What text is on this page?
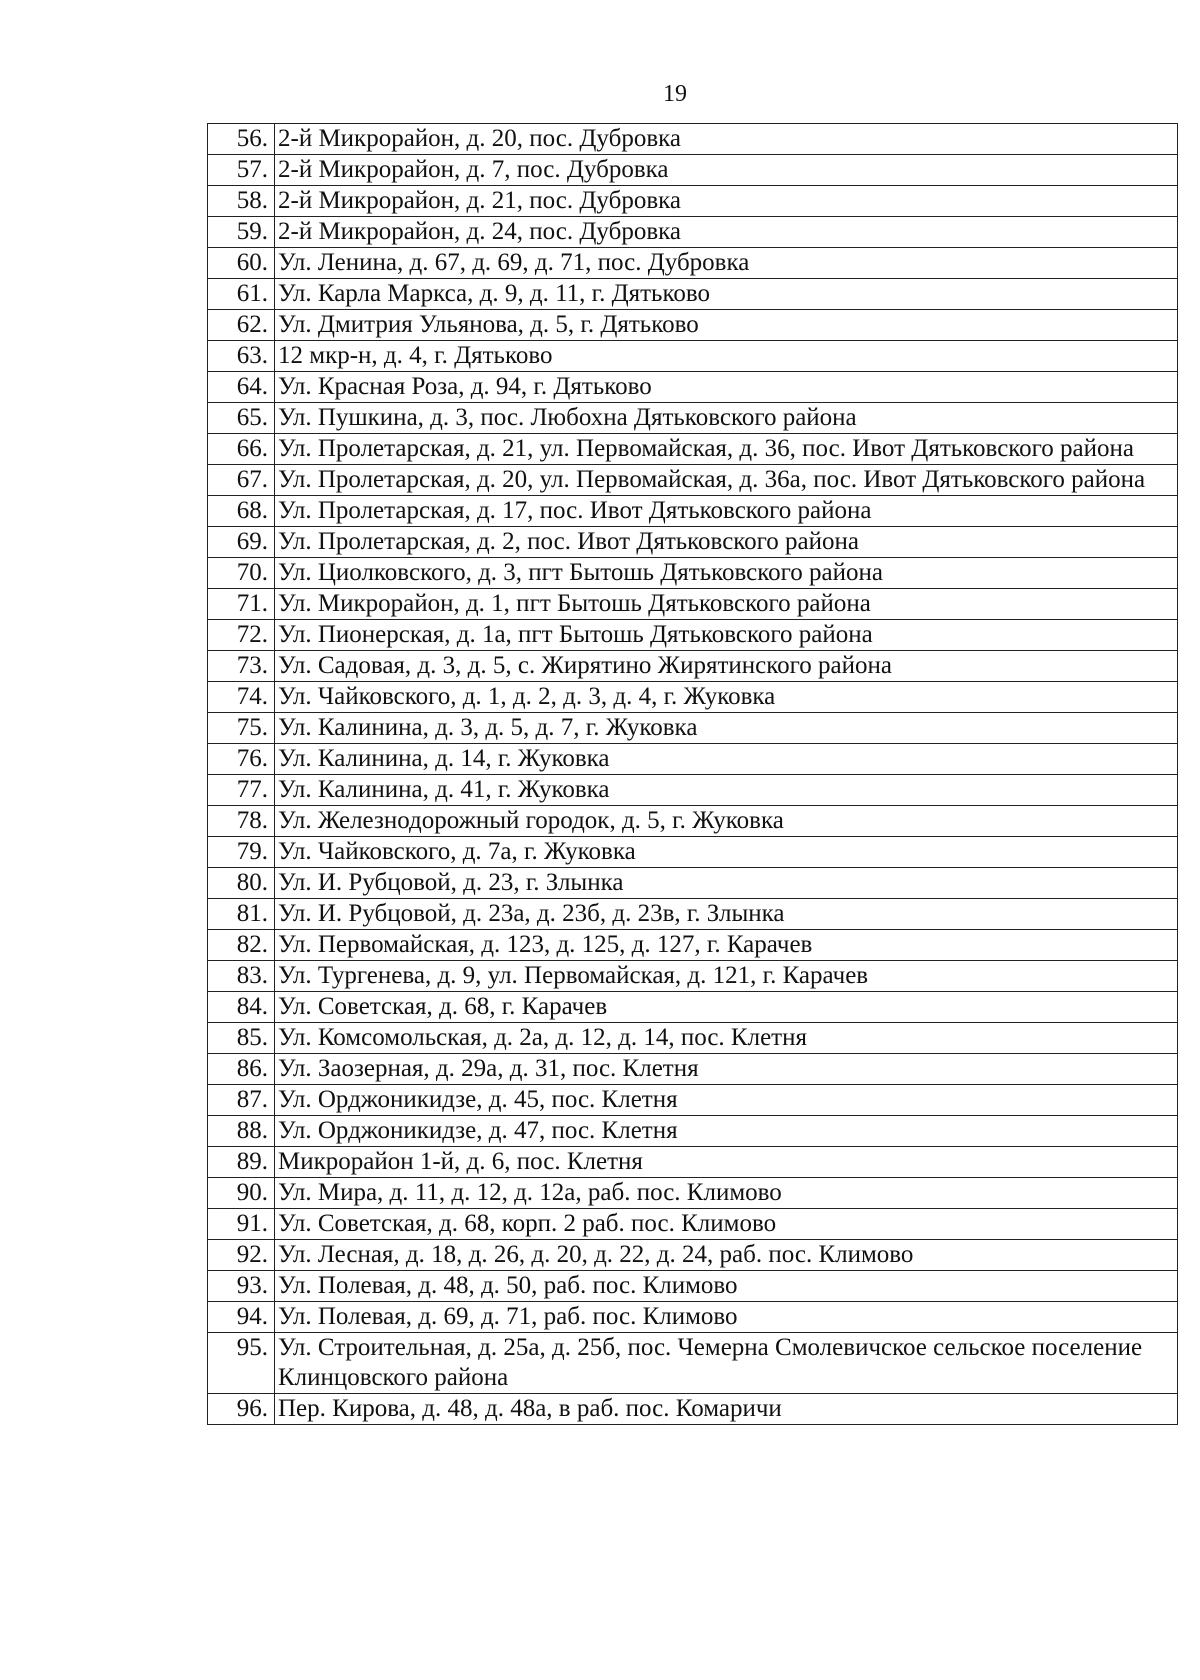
19
56.	2-й Микрорайон, д. 20, пос. Дубровка
57.	2-й Микрорайон, д. 7, пос. Дубровка
58.	2-й Микрорайон, д. 21, пос. Дубровка
59.	2-й Микрорайон, д. 24, пос. Дубровка
60.	Ул. Ленина, д. 67, д. 69, д. 71, пос. Дубровка
61.	Ул. Карла Маркса, д. 9, д. 11, г. Дятьково
62.	Ул. Дмитрия Ульянова, д. 5, г. Дятьково
63.	12 мкр-н, д. 4, г. Дятьково
64.	Ул. Красная Роза, д. 94, г. Дятьково
65.	Ул. Пушкина, д. 3, пос. Любохна Дятьковского района
66.	Ул. Пролетарская, д. 21, ул. Первомайская, д. 36, пос. Ивот Дятьковского района
67.	Ул. Пролетарская, д. 20, ул. Первомайская, д. 36а, пос. Ивот Дятьковского района
68.	Ул. Пролетарская, д. 17, пос. Ивот Дятьковского района
69.	Ул. Пролетарская, д. 2, пос. Ивот Дятьковского района
70.	Ул. Циолковского, д. 3, пгт Бытошь Дятьковского района
71.	Ул. Микрорайон, д. 1, пгт Бытошь Дятьковского района
72.	Ул. Пионерская, д. 1а, пгт Бытошь Дятьковского района
73.	Ул. Садовая, д. 3, д. 5, с. Жирятино Жирятинского района
74.	Ул. Чайковского, д. 1, д. 2, д. 3, д. 4, г. Жуковка
75.	Ул. Калинина, д. 3, д. 5, д. 7, г. Жуковка
76.	Ул. Калинина, д. 14, г. Жуковка
77.	Ул. Калинина, д. 41, г. Жуковка
78.	Ул. Железнодорожный городок, д. 5, г. Жуковка
79.	Ул. Чайковского, д. 7а, г. Жуковка
80.	Ул. И. Рубцовой, д. 23, г. Злынка
81.	Ул. И. Рубцовой, д. 23а, д. 23б, д. 23в, г. Злынка
82.	Ул. Первомайская, д. 123, д. 125, д. 127, г. Карачев
83.	Ул. Тургенева, д. 9, ул. Первомайская, д. 121, г. Карачев
84.	Ул. Советская, д. 68, г. Карачев
85.	Ул. Комсомольская, д. 2а, д. 12, д. 14, пос. Клетня
86.	Ул. Заозерная, д. 29а, д. 31, пос. Клетня
87.	Ул. Орджоникидзе, д. 45, пос. Клетня
88.	Ул. Орджоникидзе, д. 47, пос. Клетня
89.	Микрорайон 1-й, д. 6, пос. Клетня
90.	Ул. Мира, д. 11, д. 12, д. 12а, раб. пос. Климово
91.	Ул. Советская, д. 68, корп. 2 раб. пос. Климово
92.	Ул. Лесная, д. 18, д. 26, д. 20, д. 22, д. 24, раб. пос. Климово
93.	Ул. Полевая, д. 48, д. 50, раб. пос. Климово
94.	Ул. Полевая, д. 69, д. 71, раб. пос. Климово
95.	Ул. Строительная, д. 25а, д. 25б, пос. Чемерна Смолевичское сельское поселение Клинцовского района
96.	Пер. Кирова, д. 48, д. 48а, в раб. пос. Комаричи
